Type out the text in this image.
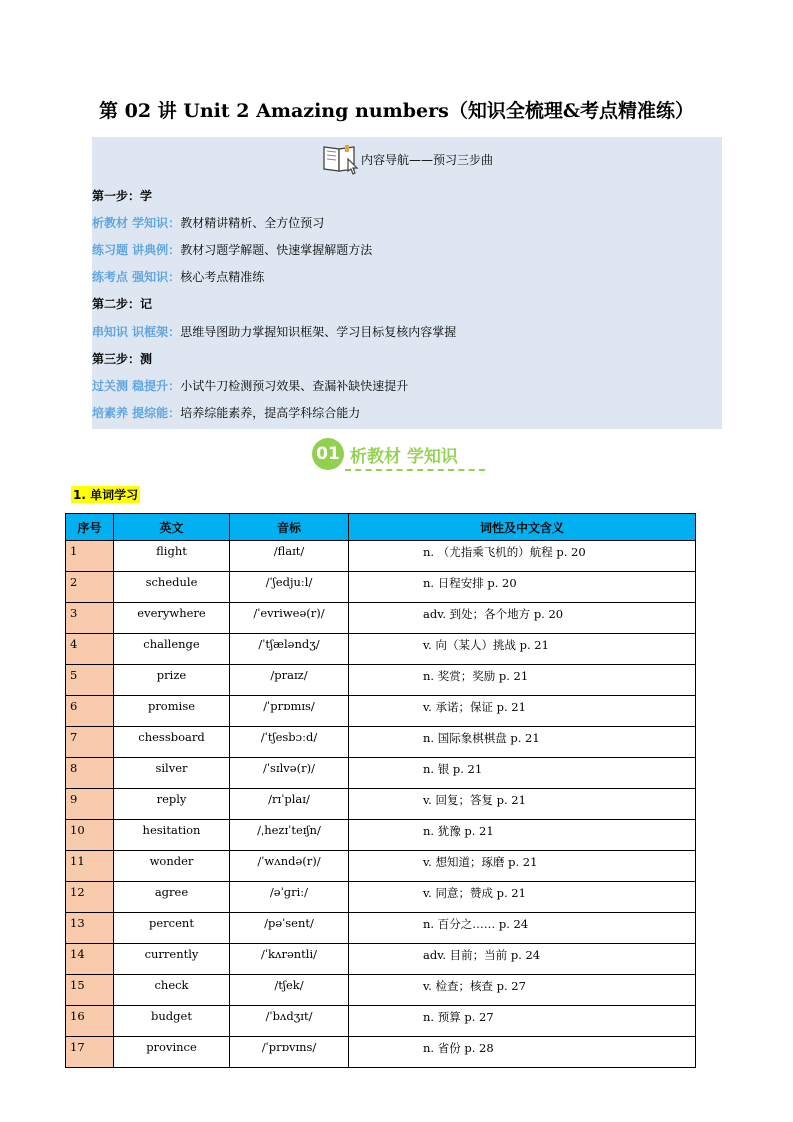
第 02 讲 Unit 2 Amazing numbers（知识全梳理&考点精准练）
内容导航——预习三步曲
第一步：学
析教材 学知识：教材精讲精析、全方位预习
练习题 讲典例：教材习题学解题、快速掌握解题方法
练考点 强知识：核心考点精准练
第二步：记
串知识 识框架：思维导图助力掌握知识框架、学习目标复核内容掌握
第三步：测
过关测 稳提升：小试牛刀检测预习效果、查漏补缺快速提升
培素养 提综能：培养综能素养，提高学科综合能力
01 析教材 学知识
1. 单词学习
序号	英文	音标	词性及中文含义
1	flight	/flaɪt/	n. （尤指乘飞机的）航程 p. 20
2	schedule	/ˈʃedjuːl/	n. 日程安排 p. 20
3	everywhere	/ˈevriweə(r)/	adv. 到处；各个地方 p. 20
4	challenge	/ˈtʃæləndʒ/	v. 向（某人）挑战 p. 21
5	prize	/praɪz/	n. 奖赏；奖励 p. 21
6	promise	/ˈprɒmɪs/	v. 承诺；保证 p. 21
7	chessboard	/ˈtʃesbɔːd/	n. 国际象棋棋盘 p. 21
8	silver	/ˈsɪlvə(r)/	n. 银 p. 21
9	reply	/rɪˈplaɪ/	v. 回复；答复 p. 21
10	hesitation	/ˌhezɪˈteɪʃn/	n. 犹豫 p. 21
11	wonder	/ˈwʌndə(r)/	v. 想知道；琢磨 p. 21
12	agree	/əˈɡriː/	v. 同意；赞成 p. 21
13	percent	/pəˈsent/	n. 百分之…… p. 24
14	currently	/ˈkʌrəntli/	adv. 目前；当前 p. 24
15	check	/tʃek/	v. 检查；核查 p. 27
16	budget	/ˈbʌdʒɪt/	n. 预算 p. 27
17	province	/ˈprɒvɪns/	n. 省份 p. 28
